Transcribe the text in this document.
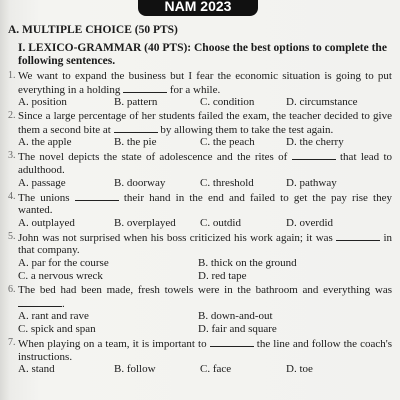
NAM 2023
A. MULTIPLE CHOICE (50 PTS)
I. LEXICO-GRAMMAR (40 PTS): Choose the best options to complete the following sentences.
1. We want to expand the business but I fear the economic situation is going to put everything in a holding	for a while.
A. position	B. pattern	C. condition	D. circumstance
2. Since a large percentage of her students failed the exam, the teacher decided to give them a second bite at	by allowing them to take the test again.
A. the apple	B. the pie	C. the peach	D. the cherry
3. The novel depicts the state of adolescence and the rites of	that lead to adulthood.
A. passage	B. doorway	C. threshold	D. pathway
4. The unions	their hand in the end and failed to get the pay rise they wanted.
A. outplayed	B. overplayed	C. outdid	D. overdid
5. John was not surprised when his boss criticized his work again; it was	in that company.
A. par for the course	B. thick on the ground
C. a nervous wreck	D. red tape
6. The bed had been made, fresh towels were in the bathroom and everything was .
A. rant and rave	B. down-and-out
C. spick and span	D. fair and square
7. When playing on a team, it is important to	the line and follow the coach's instructions.
A. stand	B. follow	C. face	D. toe
